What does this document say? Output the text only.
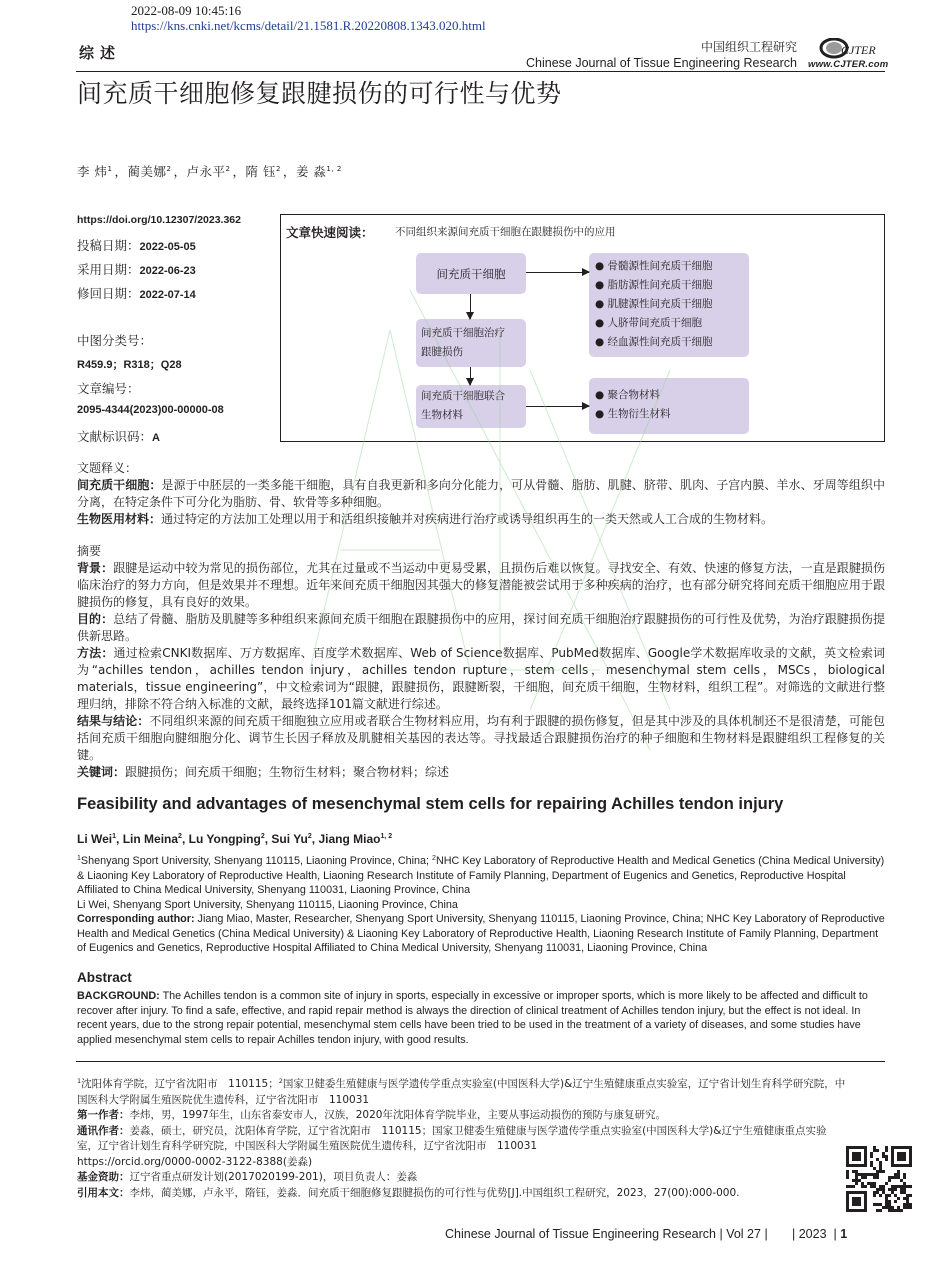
2022-08-09 10:45:16
https://kns.cnki.net/kcms/detail/21.1581.R.20220808.1343.020.html
综述	中国组织工程研究
Chinese Journal of Tissue Engineering Research
CJTER
www.CJTER.com
间充质干细胞修复跟腱损伤的可行性与优势
李 炜$^1$ ，蔺美娜$^2$ ，卢永平$^2$ ，隋 钰$^2$ ，姜 淼$^{1, 2}$
https://doi.org/10.12307/2023.362
投稿日期：2022-05-05
采用日期：2022-06-23
修回日期：2022-07-14
中图分类号：
R459.9；R318；Q28
文章编号：
2095-4344(2023)00-00000-08
文献标识码：A
文章快速阅读： 不同组织来源间充质干细胞在跟腱损伤中的应用
间充质干细胞
间充质干细胞治疗
跟腱损伤
间充质干细胞联合
生物材料
● 骨髓源性间充质干细胞
● 脂肪源性间充质干细胞
● 肌腱源性间充质干细胞
● 人脐带间充质干细胞
● 经血源性间充质干细胞
● 聚合物材料
● 生物衍生材料
文题释义：
间充质干细胞：是源于中胚层的一类多能干细胞，具有自我更新和多向分化能力，可从骨髓、脂肪、肌腱、脐带、肌肉、子宫内膜、羊水、牙周等组织中分离，在特定条件下可分化为脂肪、骨、软骨等多种细胞。
生物医用材料：通过特定的方法加工处理以用于和活组织接触并对疾病进行治疗或诱导组织再生的一类天然或人工合成的生物材料。
摘要
背景：跟腱是运动中较为常见的损伤部位，尤其在过量或不当运动中更易受累，且损伤后难以恢复。寻找安全、有效、快速的修复方法，一直是跟腱损伤临床治疗的努力方向，但是效果并不理想。近年来间充质干细胞因其强大的修复潜能被尝试用于多种疾病的治疗，也有部分研究将间充质干细胞应用于跟腱损伤的修复，具有良好的效果。
目的：总结了骨髓、脂肪及肌腱等多种组织来源间充质干细胞在跟腱损伤中的应用，探讨间充质干细胞治疗跟腱损伤的可行性及优势，为治疗跟腱损伤提供新思路。
方法：通过检索CNKI数据库、万方数据库、百度学术数据库、Web of Science数据库、PubMed数据库、Google学术数据库收录的文献，英文检索词为“achilles tendon，achilles tendon injury，achilles tendon rupture，stem cells，mesenchymal stem cells，MSCs，biological materials，tissue engineering”，中文检索词为“跟腱，跟腱损伤，跟腱断裂，干细胞，间充质干细胞，生物材料，组织工程”。对筛选的文献进行整理归纳，排除不符合纳入标准的文献，最终选择101篇文献进行综述。
结果与结论：不同组织来源的间充质干细胞独立应用或者联合生物材料应用，均有利于跟腱的损伤修复，但是其中涉及的具体机制还不是很清楚，可能包括间充质干细胞向腱细胞分化、调节生长因子释放及肌腱相关基因的表达等。寻找最适合跟腱损伤治疗的种子细胞和生物材料是跟腱组织工程修复的关键。
关键词：跟腱损伤；间充质干细胞；生物衍生材料；聚合物材料；综述
Feasibility and advantages of mesenchymal stem cells for repairing Achilles tendon injury
Li Wei$^1$, Lin Meina$^2$, Lu Yongping$^2$, Sui Yu$^2$, Jiang Miao$^{1, 2}$
$^1$Shenyang Sport University, Shenyang 110115, Liaoning Province, China; $^2$NHC Key Laboratory of Reproductive Health and Medical Genetics (China Medical University) & Liaoning Key Laboratory of Reproductive Health, Liaoning Research Institute of Family Planning, Department of Eugenics and Genetics, Reproductive Hospital Affiliated to China Medical University, Shenyang 110031, Liaoning Province, China
Li Wei, Shenyang Sport University, Shenyang 110115, Liaoning Province, China
Corresponding author: Jiang Miao, Master, Researcher, Shenyang Sport University, Shenyang 110115, Liaoning Province, China; NHC Key Laboratory of Reproductive Health and Medical Genetics (China Medical University) & Liaoning Key Laboratory of Reproductive Health, Liaoning Research Institute of Family Planning, Department of Eugenics and Genetics, Reproductive Hospital Affiliated to China Medical University, Shenyang 110031, Liaoning Province, China
Abstract
BACKGROUND: The Achilles tendon is a common site of injury in sports, especially in excessive or improper sports, which is more likely to be affected and difficult to recover after injury. To find a safe, effective, and rapid repair method is always the direction of clinical treatment of Achilles tendon injury, but the effect is not ideal. In recent years, due to the strong repair potential, mesenchymal stem cells have been tried to be used in the treatment of a variety of diseases, and some studies have applied mesenchymal stem cells to repair Achilles tendon injury, with good results.
$^1$沈阳体育学院，辽宁省沈阳市　110115；$^2$国家卫健委生殖健康与医学遗传学重点实验室(中国医科大学)&辽宁生殖健康重点实验室，辽宁省计划生育科学研究院，中国医科大学附属生殖医院优生遗传科，辽宁省沈阳市　110031
第一作者：李炜，男，1997年生，山东省泰安市人，汉族，2020年沈阳体育学院毕业，主要从事运动损伤的预防与康复研究。
通讯作者：姜淼，硕士，研究员，沈阳体育学院，辽宁省沈阳市　110115；国家卫健委生殖健康与医学遗传学重点实验室(中国医科大学)&辽宁生殖健康重点实验室，辽宁省计划生育科学研究院，中国医科大学附属生殖医院优生遗传科，辽宁省沈阳市　110031
https://orcid.org/0000-0002-3122-8388(姜淼)
基金资助：辽宁省重点研发计划(2017020199-201)，项目负责人：姜淼
引用本文：李炜，蔺美娜，卢永平，隋钰，姜淼．间充质干细胞修复跟腱损伤的可行性与优势[J].中国组织工程研究，2023，27(00):000-000.
Chinese Journal of Tissue Engineering Research | Vol 27 |       | 2023  | 1
